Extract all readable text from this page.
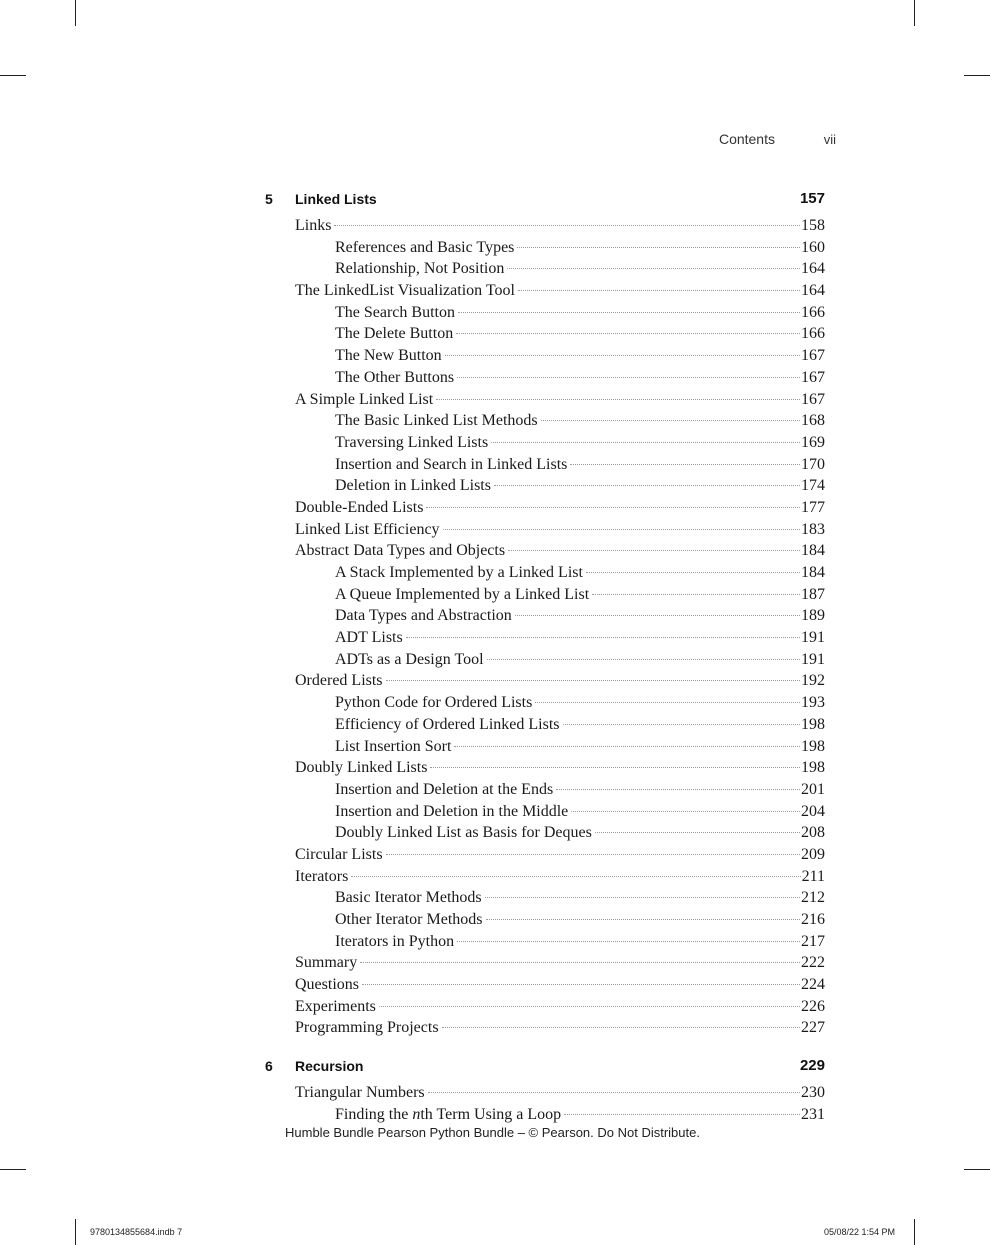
Contents	vii
5 Linked Lists	157
Links	158
References and Basic Types	160
Relationship, Not Position	164
The LinkedList Visualization Tool	164
The Search Button	166
The Delete Button	166
The New Button	167
The Other Buttons	167
A Simple Linked List	167
The Basic Linked List Methods	168
Traversing Linked Lists	169
Insertion and Search in Linked Lists	170
Deletion in Linked Lists	174
Double-Ended Lists	177
Linked List Efficiency	183
Abstract Data Types and Objects	184
A Stack Implemented by a Linked List	184
A Queue Implemented by a Linked List	187
Data Types and Abstraction	189
ADT Lists	191
ADTs as a Design Tool	191
Ordered Lists	192
Python Code for Ordered Lists	193
Efficiency of Ordered Linked Lists	198
List Insertion Sort	198
Doubly Linked Lists	198
Insertion and Deletion at the Ends	201
Insertion and Deletion in the Middle	204
Doubly Linked List as Basis for Deques	208
Circular Lists	209
Iterators	211
Basic Iterator Methods	212
Other Iterator Methods	216
Iterators in Python	217
Summary	222
Questions	224
Experiments	226
Programming Projects	227
6 Recursion	229
Triangular Numbers	230
Finding the nth Term Using a Loop	231
Humble Bundle Pearson Python Bundle – © Pearson. Do Not Distribute.
9780134855684.indb 7	05/08/22 1:54 PM
